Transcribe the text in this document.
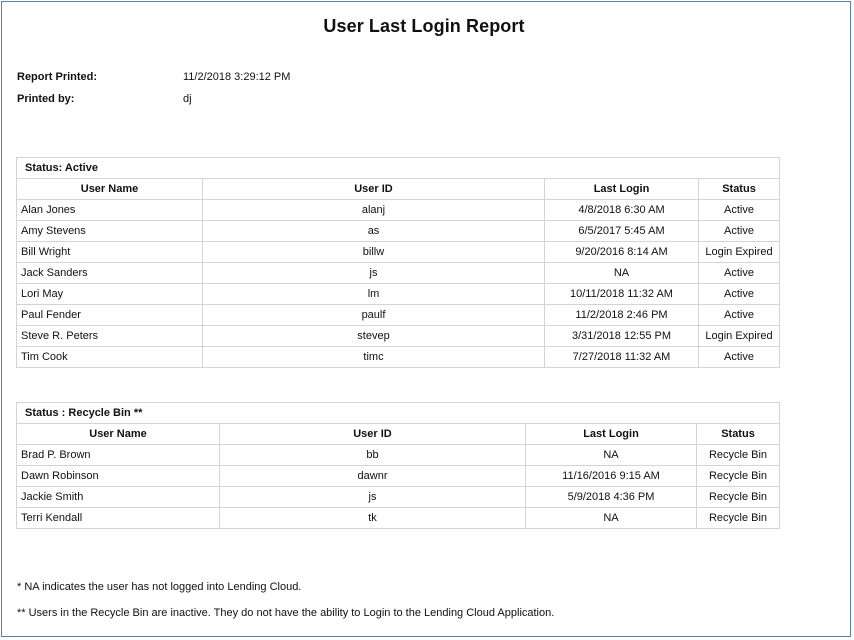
User Last Login Report
Report Printed:	11/2/2018 3:29:12 PM
Printed by:	dj
Status: Active			
User Name	User ID	Last Login	Status
Alan Jones	alanj	4/8/2018 6:30 AM	Active
Amy Stevens	as	6/5/2017 5:45 AM	Active
Bill Wright	billw	9/20/2016 8:14 AM	Login Expired
Jack Sanders	js	NA	Active
Lori May	lm	10/11/2018 11:32 AM	Active
Paul Fender	paulf	11/2/2018 2:46 PM	Active
Steve R. Peters	stevep	3/31/2018 12:55 PM	Login Expired
Tim Cook	timc	7/27/2018 11:32 AM	Active
Status : Recycle Bin **			
User Name	User ID	Last Login	Status
Brad P. Brown	bb	NA	Recycle Bin
Dawn Robinson	dawnr	11/16/2016 9:15 AM	Recycle Bin
Jackie Smith	js	5/9/2018 4:36 PM	Recycle Bin
Terri Kendall	tk	NA	Recycle Bin
* NA indicates the user has not logged into Lending Cloud.
** Users in the Recycle Bin are inactive. They do not have the ability to Login to the Lending Cloud Application.
